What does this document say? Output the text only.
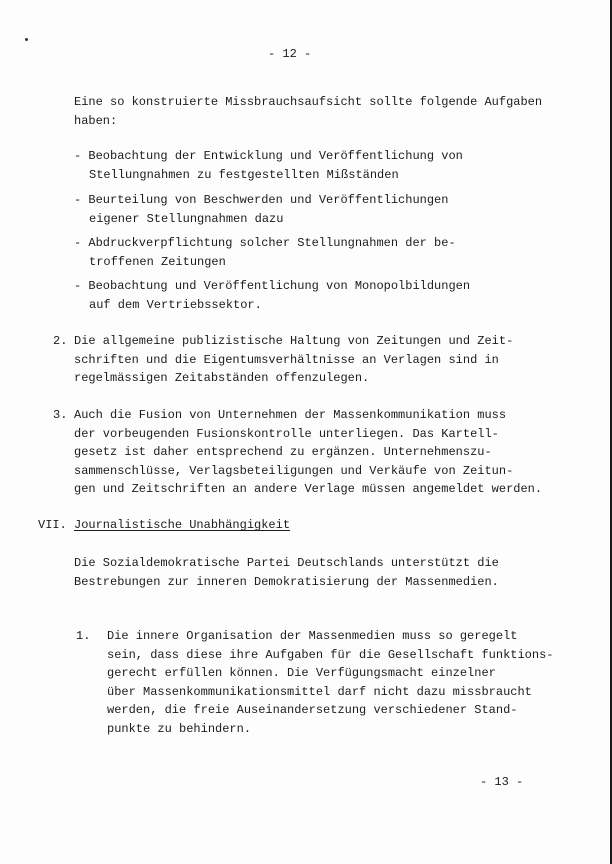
- 12 -
Eine so konstruierte Missbrauchsaufsicht sollte folgende Aufgaben
haben:
- Beobachtung der Entwicklung und Veröffentlichung von
Stellungnahmen zu festgestellten Mißständen
- Beurteilung von Beschwerden und Veröffentlichungen
eigener Stellungnahmen dazu
- Abdruckverpflichtung solcher Stellungnahmen der be-
troffenen Zeitungen
- Beobachtung und Veröffentlichung von Monopolbildungen
auf dem Vertriebssektor.
2. Die allgemeine publizistische Haltung von Zeitungen und Zeit-
schriften und die Eigentumsverhältnisse an Verlagen sind in
regelmässigen Zeitabständen offenzulegen.
3. Auch die Fusion von Unternehmen der Massenkommunikation muss
der vorbeugenden Fusionskontrolle unterliegen. Das Kartell-
gesetz ist daher entsprechend zu ergänzen. Unternehmenszu-
sammenschlüsse, Verlagsbeteiligungen und Verkäufe von Zeitun-
gen und Zeitschriften an andere Verlage müssen angemeldet werden.
VII. Journalistische Unabhängigkeit
Die Sozialdemokratische Partei Deutschlands unterstützt die
Bestrebungen zur inneren Demokratisierung der Massenmedien.
1. Die innere Organisation der Massenmedien muss so geregelt
sein, dass diese ihre Aufgaben für die Gesellschaft funktions-
gerecht erfüllen können. Die Verfügungsmacht einzelner
über Massenkommunikationsmittel darf nicht dazu missbraucht
werden, die freie Auseinandersetzung verschiedener Stand-
punkte zu behindern.
- 13 -
